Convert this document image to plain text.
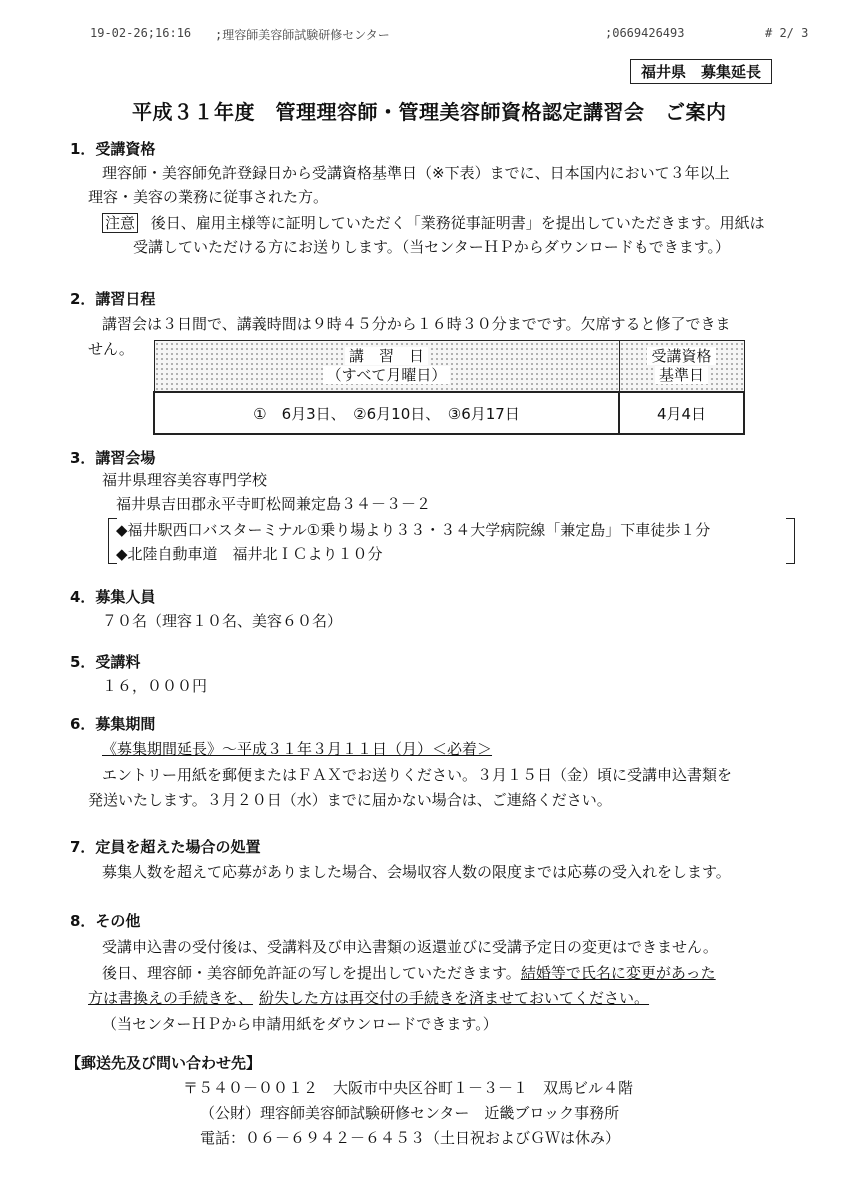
19-02-26;16:16 ;理容師美容師試験研修センター	;0669426493	# 2/ 3
福井県　募集延長
平成３１年度　管理理容師・管理美容師資格認定講習会　ご案内
1．受講資格
理容師・美容師免許登録日から受講資格基準日（※下表）までに、日本国内において３年以上
理容・美容の業務に従事された方。
注意 後日、雇用主様等に証明していただく「業務従事証明書」を提出していただきます。用紙は
受講していただける方にお送りします。（当センターＨＰからダウンロードもできます。）
2．講習日程
講習会は３日間で、講義時間は９時４５分から１６時３０分までです。欠席すると修了できま
せん。	講　習　日
（すべて月曜日）	受講資格
基準日
①　6月3日、　②6月10日、　③6月17日	4月4日
3．講習会場
福井県理容美容専門学校
福井県吉田郡永平寺町松岡兼定島３４－３－２
◆福井駅西口バスターミナル①乗り場より３３・３４大学病院線「兼定島」下車徒歩１分
◆北陸自動車道　福井北ＩＣより１０分
4．募集人員
７０名（理容１０名、美容６０名）
5．受講料
１６，０００円
6．募集期間
《募集期間延長》～平成３１年３月１１日（月）＜必着＞
エントリー用紙を郵便またはＦＡＸでお送りください。３月１５日（金）頃に受講申込書類を
発送いたします。３月２０日（水）までに届かない場合は、ご連絡ください。
7．定員を超えた場合の処置
募集人数を超えて応募がありました場合、会場収容人数の限度までは応募の受入れをします。
8．その他
受講申込書の受付後は、受講料及び申込書類の返還並びに受講予定日の変更はできません。
後日、理容師・美容師免許証の写しを提出していただきます。結婚等で氏名に変更があった
方は書換えの手続きを、 紛失した方は再交付の手続きを済ませておいてください。
（当センターＨＰから申請用紙をダウンロードできます。）
【郵送先及び問い合わせ先】
〒５４０－００１２　大阪市中央区谷町１－３－１　双馬ビル４階
（公財）理容師美容師試験研修センター　近畿ブロック事務所
電話：０６－６９４２－６４５３（土日祝およびＧＷは休み）
